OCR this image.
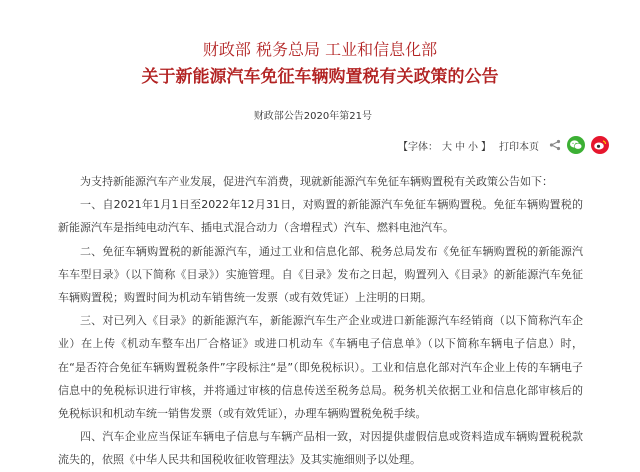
财政部 税务总局 工业和信息化部
关于新能源汽车免征车辆购置税有关政策的公告
财政部公告2020年第21号
【字体： 大 中 小 】 打印本页

为支持新能源汽车产业发展，促进汽车消费，现就新能源汽车免征车辆购置税有关政策公告如下：

一、自2021年1月1日至2022年12月31日，对购置的新能源汽车免征车辆购置税。免征车辆购置税的新能源汽车是指纯电动汽车、插电式混合动力（含增程式）汽车、燃料电池汽车。

二、免征车辆购置税的新能源汽车，通过工业和信息化部、税务总局发布《免征车辆购置税的新能源汽车车型目录》（以下简称《目录》）实施管理。自《目录》发布之日起，购置列入《目录》的新能源汽车免征车辆购置税；购置时间为机动车销售统一发票（或有效凭证）上注明的日期。

三、对已列入《目录》的新能源汽车，新能源汽车生产企业或进口新能源汽车经销商（以下简称汽车企业）在上传《机动车整车出厂合格证》或进口机动车《车辆电子信息单》（以下简称车辆电子信息）时，在“是否符合免征车辆购置税条件”字段标注“是”（即免税标识）。工业和信息化部对汽车企业上传的车辆电子信息中的免税标识进行审核，并将通过审核的信息传送至税务总局。税务机关依据工业和信息化部审核后的免税标识和机动车统一销售发票（或有效凭证），办理车辆购置税免税手续。

四、汽车企业应当保证车辆电子信息与车辆产品相一致，对因提供虚假信息或资料造成车辆购置税税款流失的，依照《中华人民共和国税收征收管理法》及其实施细则予以处理。
